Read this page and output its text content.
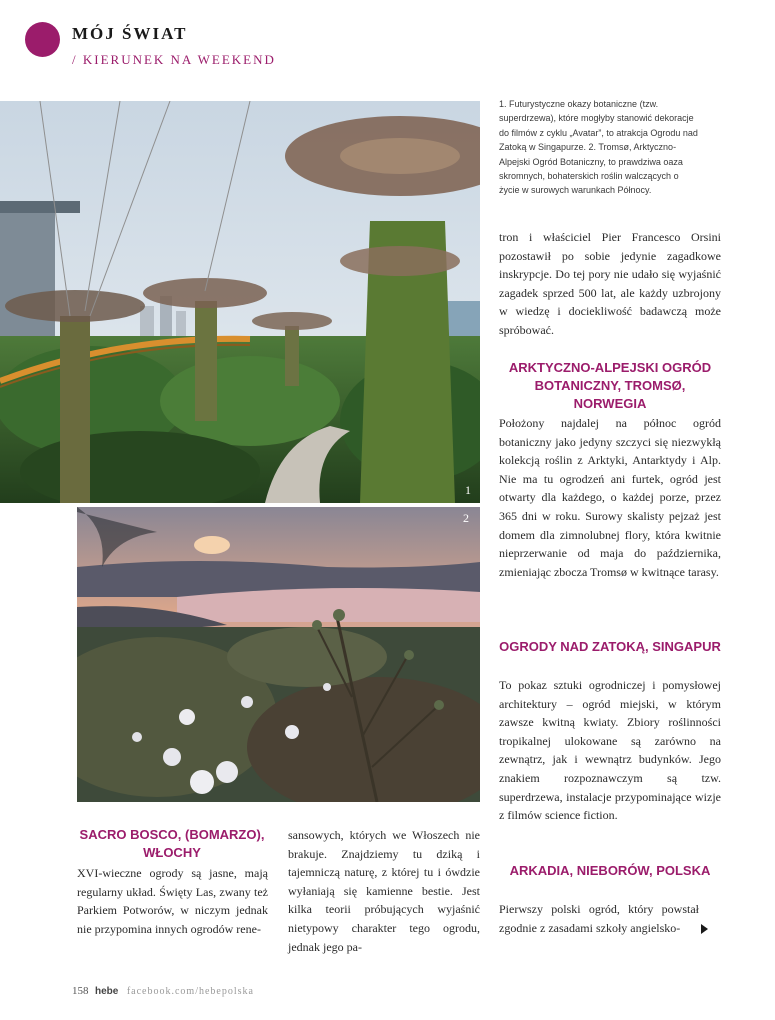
MÓJ ŚWIAT

/ KIERUNEK NA WEEKEND

1
2

1. Futurystyczne okazy botaniczne (tzw. superdrzewa), które mogłyby stanowić dekoracje do filmów z cyklu „Avatar”, to atrakcja Ogrodu nad Zatoką w Singapurze. 2. Tromsø, Arktyczno-Alpejski Ogród Botaniczny, to prawdziwa oaza skromnych, bohaterskich roślin walczących o życie w surowych warunkach Północy.

tron i właściciel Pier Francesco Orsini pozostawił po sobie jedynie zagadkowe inskrypcje. Do tej pory nie udało się wyjaśnić zagadek sprzed 500 lat, ale każdy uzbrojony w wiedzę i dociekliwość badawczą może spróbować.

ARKTYCZNO-ALPEJSKI OGRÓD BOTANICZNY, TROMSØ, NORWEGIA

Położony najdalej na północ ogród botaniczny jako jedyny szczyci się niezwykłą kolekcją roślin z Arktyki, Antarktydy i Alp. Nie ma tu ogrodzeń ani furtek, ogród jest otwarty dla każdego, o każdej porze, przez 365 dni w roku. Surowy skalisty pejzaż jest domem dla zimnolubnej flory, która kwitnie nieprzerwanie od maja do października, zmieniając zbocza Tromsø w kwitnące tarasy.

OGRODY NAD ZATOKĄ, SINGAPUR

To pokaz sztuki ogrodniczej i pomysłowej architektury – ogród miejski, w którym zawsze kwitną kwiaty. Zbiory roślinności tropikalnej ulokowane są zarówno na zewnątrz, jak i wewnątrz budynków. Jego znakiem rozpoznawczym są tzw. superdrzewa, instalacje przypominające wizje z filmów science fiction.

ARKADIA, NIEBORÓW, POLSKA

Pierwszy polski ogród, który powstał zgodnie z zasadami szkoły angielsko-

SACRO BOSCO, (BOMARZO), WŁOCHY

XVI-wieczne ogrody są jasne, mają regularny układ. Święty Las, zwany też Parkiem Potworów, w niczym jednak nie przypomina innych ogrodów rene-

sansowych, których we Włoszech nie brakuje. Znajdziemy tu dziką i tajemniczą naturę, z której tu i ówdzie wyłaniają się kamienne bestie. Jest kilka teorii próbujących wyjaśnić nietypowy charakter tego ogrodu, jednak jego pa-

158 hebe facebook.com/hebepolska
